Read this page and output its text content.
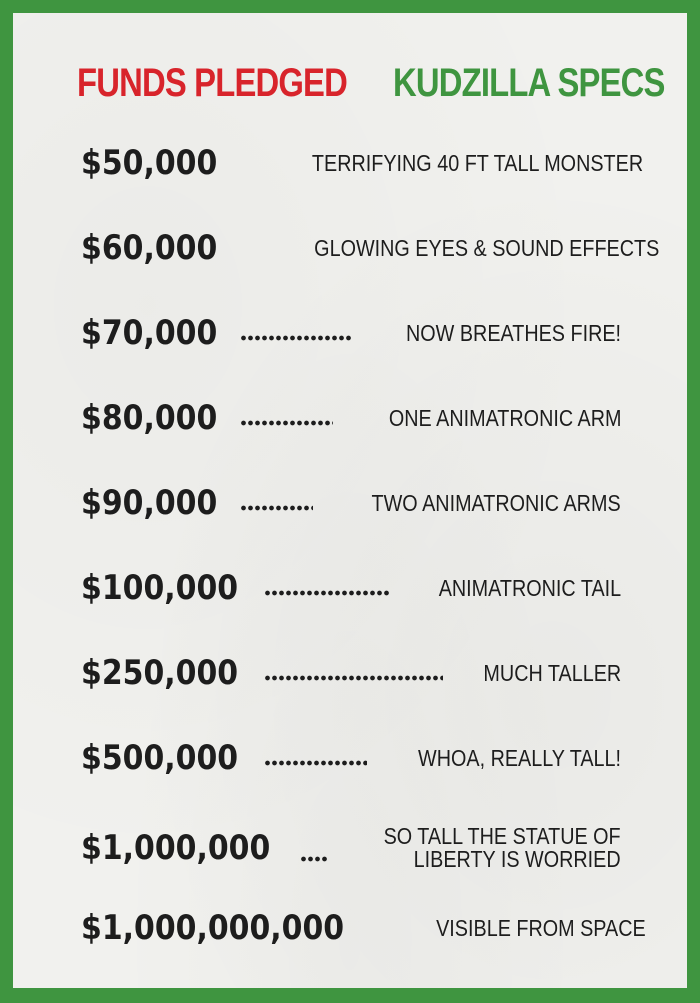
FUNDS PLEDGED KUDZILLA SPECS
$50,000	TERRIFYING 40 FT TALL MONSTER
$60,000	GLOWING EYES & SOUND EFFECTS
$70,000	NOW BREATHES FIRE!
$80,000	ONE ANIMATRONIC ARM
$90,000	TWO ANIMATRONIC ARMS
$100,000	ANIMATRONIC TAIL
$250,000	MUCH TALLER
$500,000	WHOA, REALLY TALL!
$1,000,000	SO TALL THE STATUE OF
LIBERTY IS WORRIED
$1,000,000,000	VISIBLE FROM SPACE
